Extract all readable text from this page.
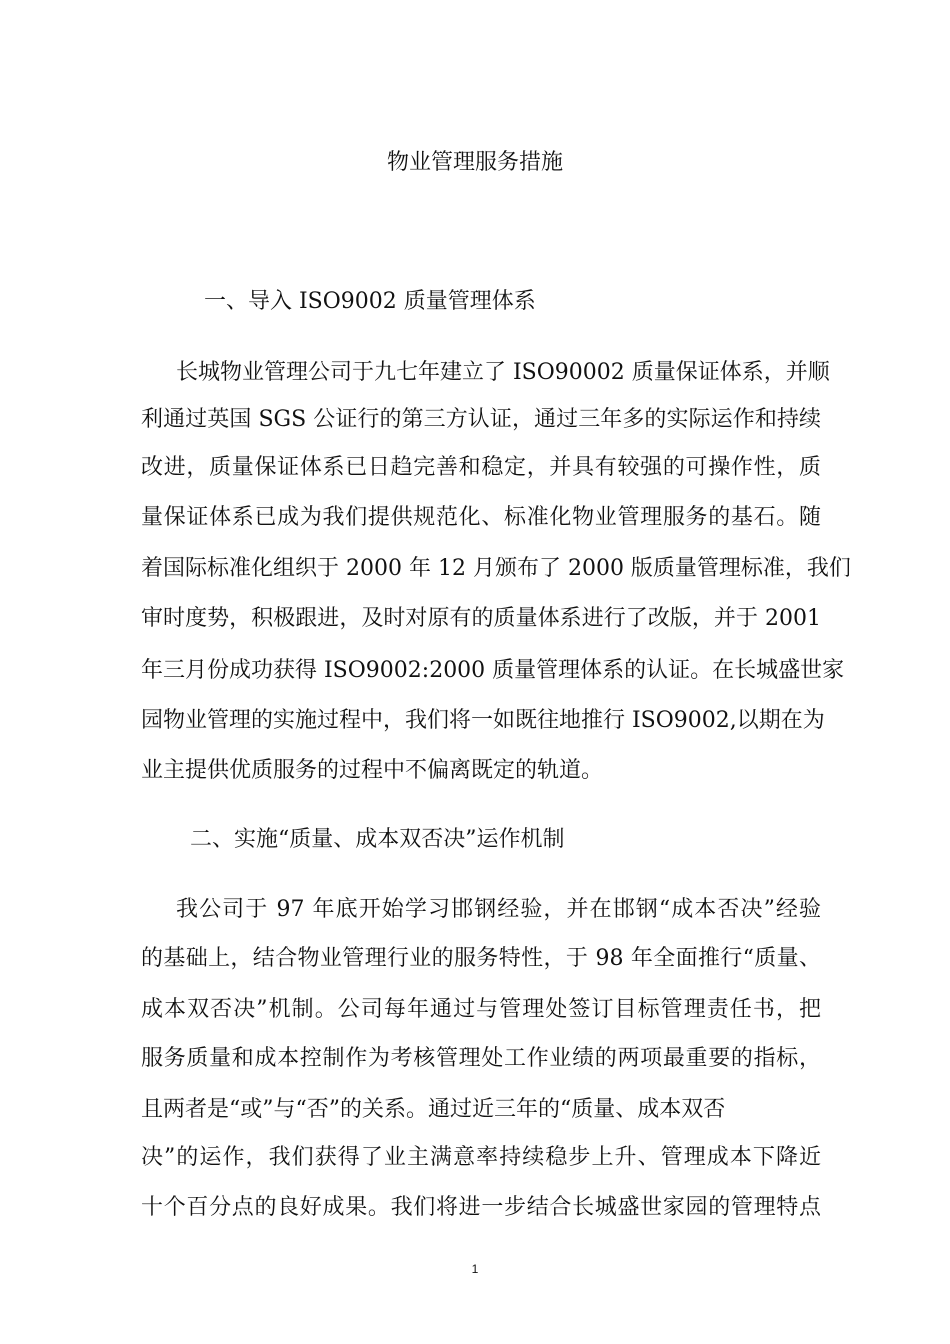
物业管理服务措施
一、导入 ISO9002 质量管理体系
长城物业管理公司于九七年建立了 ISO90002 质量保证体系，并顺
利通过英国 SGS 公证行的第三方认证，通过三年多的实际运作和持续
改进，质量保证体系已日趋完善和稳定，并具有较强的可操作性，质
量保证体系已成为我们提供规范化、标准化物业管理服务的基石。随
着国际标准化组织于 2000 年 12 月颁布了 2000 版质量管理标准，我们
审时度势，积极跟进，及时对原有的质量体系进行了改版，并于 2001
年三月份成功获得 ISO9002:2000 质量管理体系的认证。在长城盛世家
园物业管理的实施过程中，我们将一如既往地推行 ISO9002,以期在为
业主提供优质服务的过程中不偏离既定的轨道。
二、实施“质量、成本双否决”运作机制
我公司于 97 年底开始学习邯钢经验，并在邯钢“成本否决”经验
的基础上，结合物业管理行业的服务特性，于 98 年全面推行“质量、
成本双否决”机制。公司每年通过与管理处签订目标管理责任书，把
服务质量和成本控制作为考核管理处工作业绩的两项最重要的指标，
且两者是“或”与“否”的关系。通过近三年的“质量、成本双否
决”的运作，我们获得了业主满意率持续稳步上升、管理成本下降近
十个百分点的良好成果。我们将进一步结合长城盛世家园的管理特点
1
